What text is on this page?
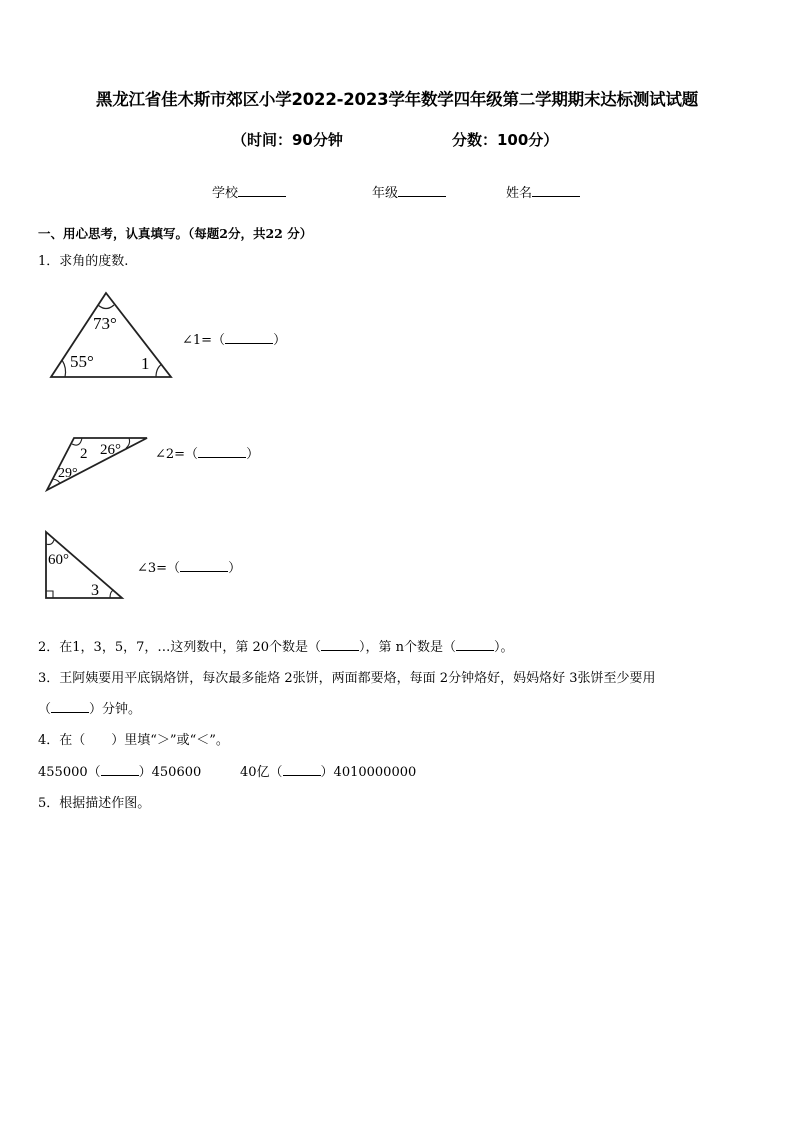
黑龙江省佳木斯市郊区小学2022-2023学年数学四年级第二学期期末达标测试试题
（时间：90分钟	分数：100分）
学校	年级	姓名
一、用心思考，认真填写。（每题2分，共22 分）
1．求角的度数.
73°
55°	1
∠1=（	）
2 26°
29°
∠2=（	）
60°
3
∠3=（	）
2．在1，3，5，7，…这列数中，第 20个数是（	），第 n个数是（	）。
3．王阿姨要用平底锅烙饼，每次最多能烙 2张饼，两面都要烙，每面 2分钟烙好，妈妈烙好 3张饼至少要用
（	）分钟。
4．在（　　）里填“＞”或“＜”。
455000（	）450600	40亿（	）4010000000
5．根据描述作图。
